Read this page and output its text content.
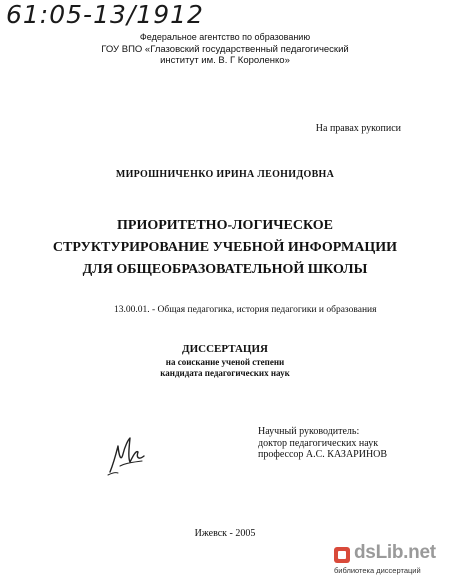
61:05-13/1912
Федеральное агентство по образованию
ГОУ ВПО «Глазовский государственный педагогический
институт им. В. Г Короленко»
На правах рукописи
МИРОШНИЧЕНКО ИРИНА ЛЕОНИДОВНА
ПРИОРИТЕТНО-ЛОГИЧЕСКОЕ
СТРУКТУРИРОВАНИЕ УЧЕБНОЙ ИНФОРМАЦИИ
ДЛЯ ОБЩЕОБРАЗОВАТЕЛЬНОЙ ШКОЛЫ
13.00.01. - Общая педагогика, история педагогики и образования
ДИССЕРТАЦИЯ
на соискание ученой степени
кандидата педагогических наук
Научный руководитель:
доктор педагогических наук
профессор А.С. КАЗАРИНОВ
Ижевск - 2005
dsLib.net
библиотека диссертаций
